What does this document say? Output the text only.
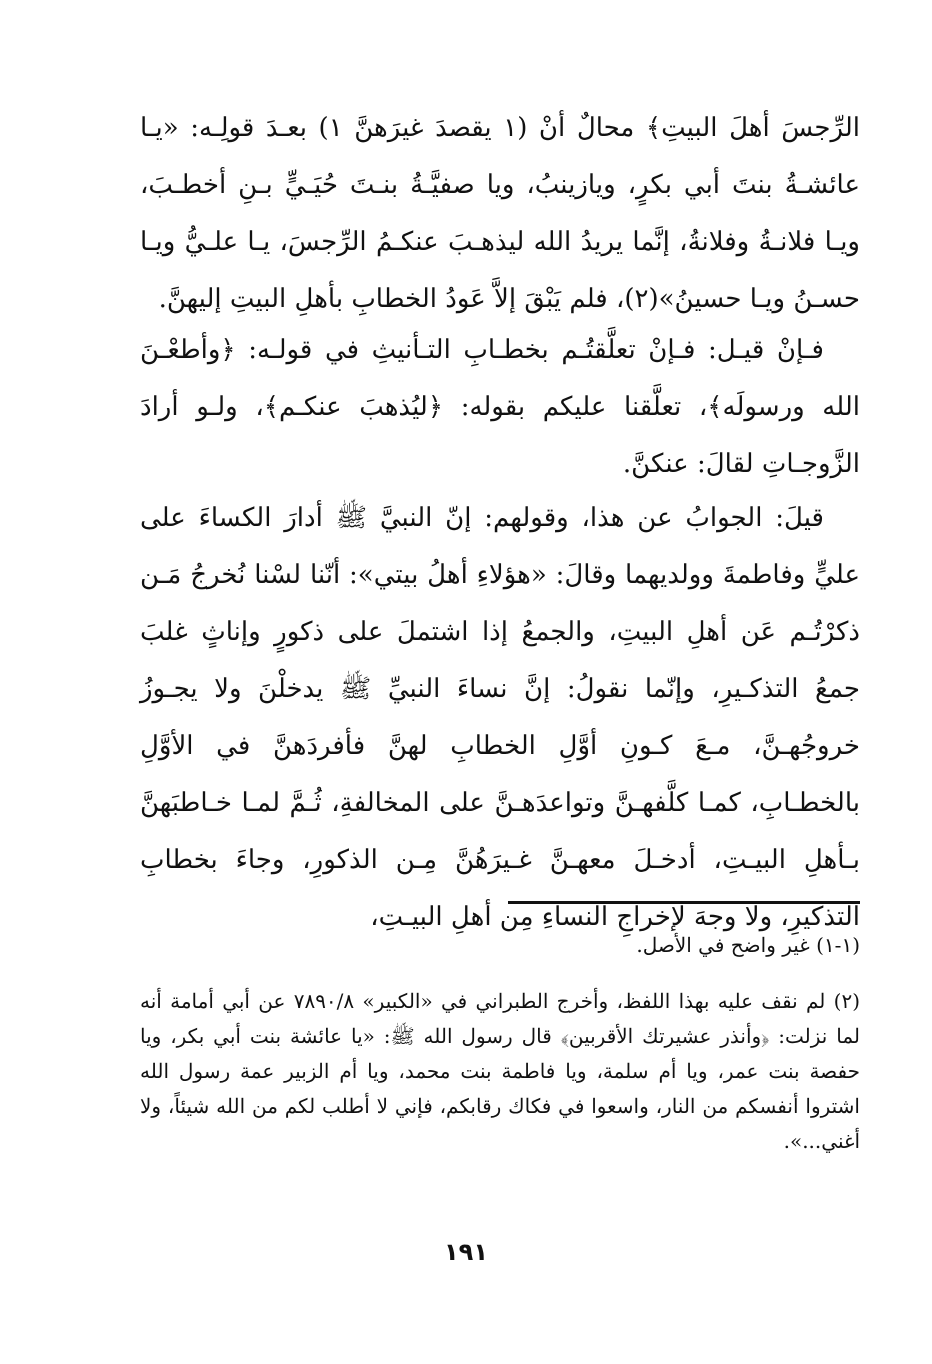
الرِّجسَ أهلَ البيتِ﴾ محالٌ أنْ (١ يقصدَ غيرَهنَّ ١) بعـدَ قولِـه: «يـا عائشـةُ بنتَ أبي بكرٍ، ويازينبُ، ويا صفيَّـةُ بنـتَ حُيَـيٍّ بـنِ أخطـبَ، ويـا فلانـةُ وفلانةُ، إنَّما يريدُ الله ليذهـبَ عنكـمُ الرِّجسَ، يـا علـيُّ ويـا حسـنُ ويـا حسينُ»(٢)، فلم يَبْقَ إلاَّ عَودُ الخطابِ بأهلِ البيتِ إليهنَّ.

فـإنْ قيـل: فـإنْ تعلَّقتُـم بخطـابِ التـأنيثِ في قولـه: ﴿وأطعْـنَ الله ورسولَه﴾، تعلَّقنا عليكم بقوله: ﴿ليُذهبَ عنكـم﴾، ولـو أرادَ الزَّوجـاتِ لقالَ: عنكنَّ.

قيلَ: الجوابُ عن هذا، وقولهم: إنّ النبيَّ ﷺ أدارَ الكساءَ على عليٍّ وفاطمةَ وولديهما وقالَ: «هؤلاءِ أهلُ بيتي»: أنّنا لسْنا نُخرجُ مَـن ذكرْتُـم عَن أهلِ البيتِ، والجمعُ إذا اشتملَ على ذكورٍ وإناثٍ غلبَ جمعُ التذكـيرِ، وإنّما نقولُ: إنَّ نساءَ النبيِّ ﷺ يدخلْنَ ولا يجـوزُ خروجُهـنَّ، مـعَ كـونِ أوَّلِ الخطابِ لهنَّ فأفردَهنَّ في الأوَّلِ بالخطـابِ، كمـا كلَّفهـنَّ وتواعدَهـنَّ على المخالفةِ، ثُـمَّ لمـا خـاطبَهنَّ بـأهلِ البيـتِ، أدخـلَ معهـنَّ غـيرَهُنَّ مِـن الذكورِ، وجاءَ بخطابِ التذكيرِ، ولا وجهَ لإخراجِ النساءِ مِن أهلِ البيـتِ،

(١-١) غير واضح في الأصل.

(٢) لم نقف عليه بهذا اللفظ، وأخرج الطبراني في «الكبير» ٧٨٩٠/٨ عن أبي أمامة أنه لما نزلت: ﴿وأنذر عشيرتك الأقربين﴾ قال رسول الله ﷺ: «يا عائشة بنت أبي بكر، ويا حفصة بنت عمر، ويا أم سلمة، ويا فاطمة بنت محمد، ويا أم الزبير عمة رسول الله اشتروا أنفسكم من النار، واسعوا في فكاك رقابكم، فإني لا أطلب لكم من الله شيئاً، ولا أغني...».

١٩١
